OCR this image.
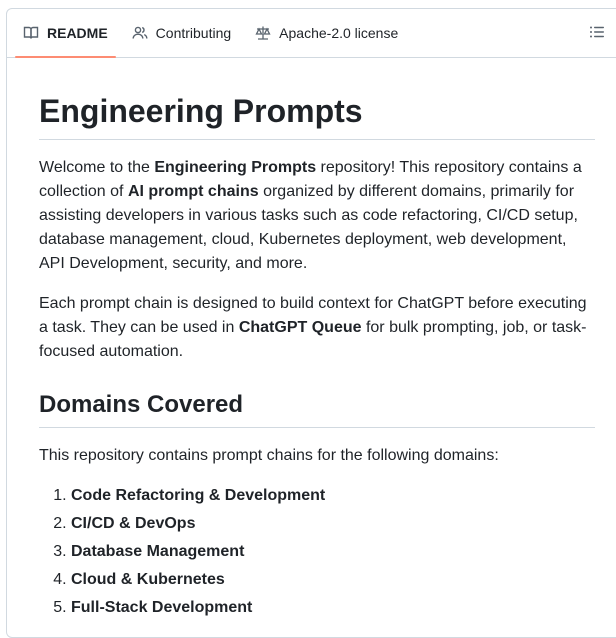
README	Contributing	Apache-2.0 license
Engineering Prompts

Welcome to the Engineering Prompts repository! This repository contains a collection of AI prompt chains organized by different domains, primarily for assisting developers in various tasks such as code refactoring, CI/CD setup, database management, cloud, Kubernetes deployment, web development, API Development, security, and more.

Each prompt chain is designed to build context for ChatGPT before executing a task. They can be used in ChatGPT Queue for bulk prompting, job, or task-focused automation.

Domains Covered

This repository contains prompt chains for the following domains:

1. Code Refactoring & Development
2. CI/CD & DevOps
3. Database Management
4. Cloud & Kubernetes
5. Full-Stack Development
